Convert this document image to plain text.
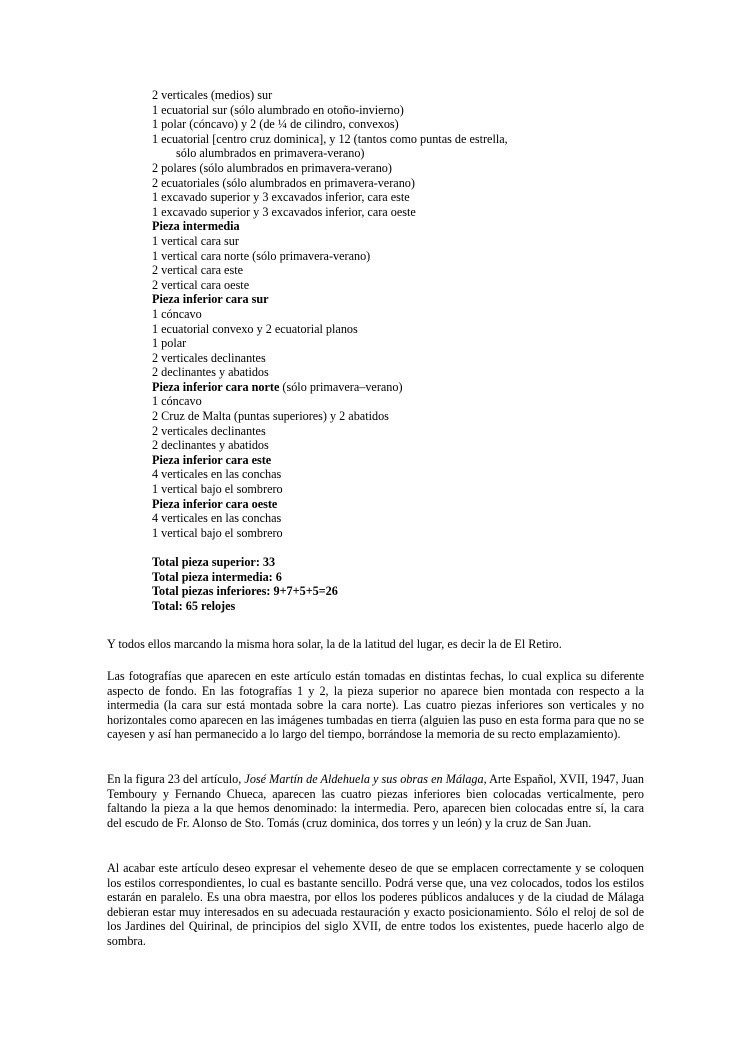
2 verticales (medios) sur
1 ecuatorial sur (sólo alumbrado en otoño-invierno)
1 polar (cóncavo) y 2 (de ¼ de cilindro, convexos)
1 ecuatorial [centro cruz dominica], y 12 (tantos como puntas de estrella,
sólo alumbrados en primavera-verano)
2 polares (sólo alumbrados en primavera-verano)
2 ecuatoriales (sólo alumbrados en primavera-verano)
1 excavado superior y 3 excavados inferior, cara este
1 excavado superior y 3 excavados inferior, cara oeste
Pieza intermedia
1 vertical cara sur
1 vertical cara norte (sólo primavera-verano)
2 vertical cara este
2 vertical cara oeste
Pieza inferior cara sur
1 cóncavo
1 ecuatorial convexo y 2 ecuatorial planos
1 polar
2 verticales declinantes
2 declinantes y abatidos
Pieza inferior cara norte (sólo primavera–verano)
1 cóncavo
2 Cruz de Malta (puntas superiores) y 2 abatidos
2 verticales declinantes
2 declinantes y abatidos
Pieza inferior cara este
4 verticales en las conchas
1 vertical bajo el sombrero
Pieza inferior cara oeste
4 verticales en las conchas
1 vertical bajo el sombrero
Total pieza superior: 33
Total pieza intermedia: 6
Total piezas inferiores: 9+7+5+5=26
Total: 65 relojes

Y todos ellos marcando la misma hora solar, la de la latitud del lugar, es decir la de El Retiro.

Las fotografías que aparecen en este artículo están tomadas en distintas fechas, lo cual explica su diferente aspecto de fondo. En las fotografías 1 y 2, la pieza superior no aparece bien montada con respecto a la intermedia (la cara sur está montada sobre la cara norte). Las cuatro piezas inferiores son verticales y no horizontales como aparecen en las imágenes tumbadas en tierra (alguien las puso en esta forma para que no se cayesen y así han permanecido a lo largo del tiempo, borrándose la memoria de su recto emplazamiento).

En la figura 23 del artículo, José Martín de Aldehuela y sus obras en Málaga, Arte Español, XVII, 1947, Juan Temboury y Fernando Chueca, aparecen las cuatro piezas inferiores bien colocadas verticalmente, pero faltando la pieza a la que hemos denominado: la intermedia. Pero, aparecen bien colocadas entre sí, la cara del escudo de Fr. Alonso de Sto. Tomás (cruz dominica, dos torres y un león) y la cruz de San Juan.

Al acabar este artículo deseo expresar el vehemente deseo de que se emplacen correctamente y se coloquen los estilos correspondientes, lo cual es bastante sencillo. Podrá verse que, una vez colocados, todos los estilos estarán en paralelo. Es una obra maestra, por ellos los poderes públicos andaluces y de la ciudad de Málaga debieran estar muy interesados en su adecuada restauración y exacto posicionamiento. Sólo el reloj de sol de los Jardines del Quirinal, de principios del siglo XVII, de entre todos los existentes, puede hacerlo algo de sombra.
